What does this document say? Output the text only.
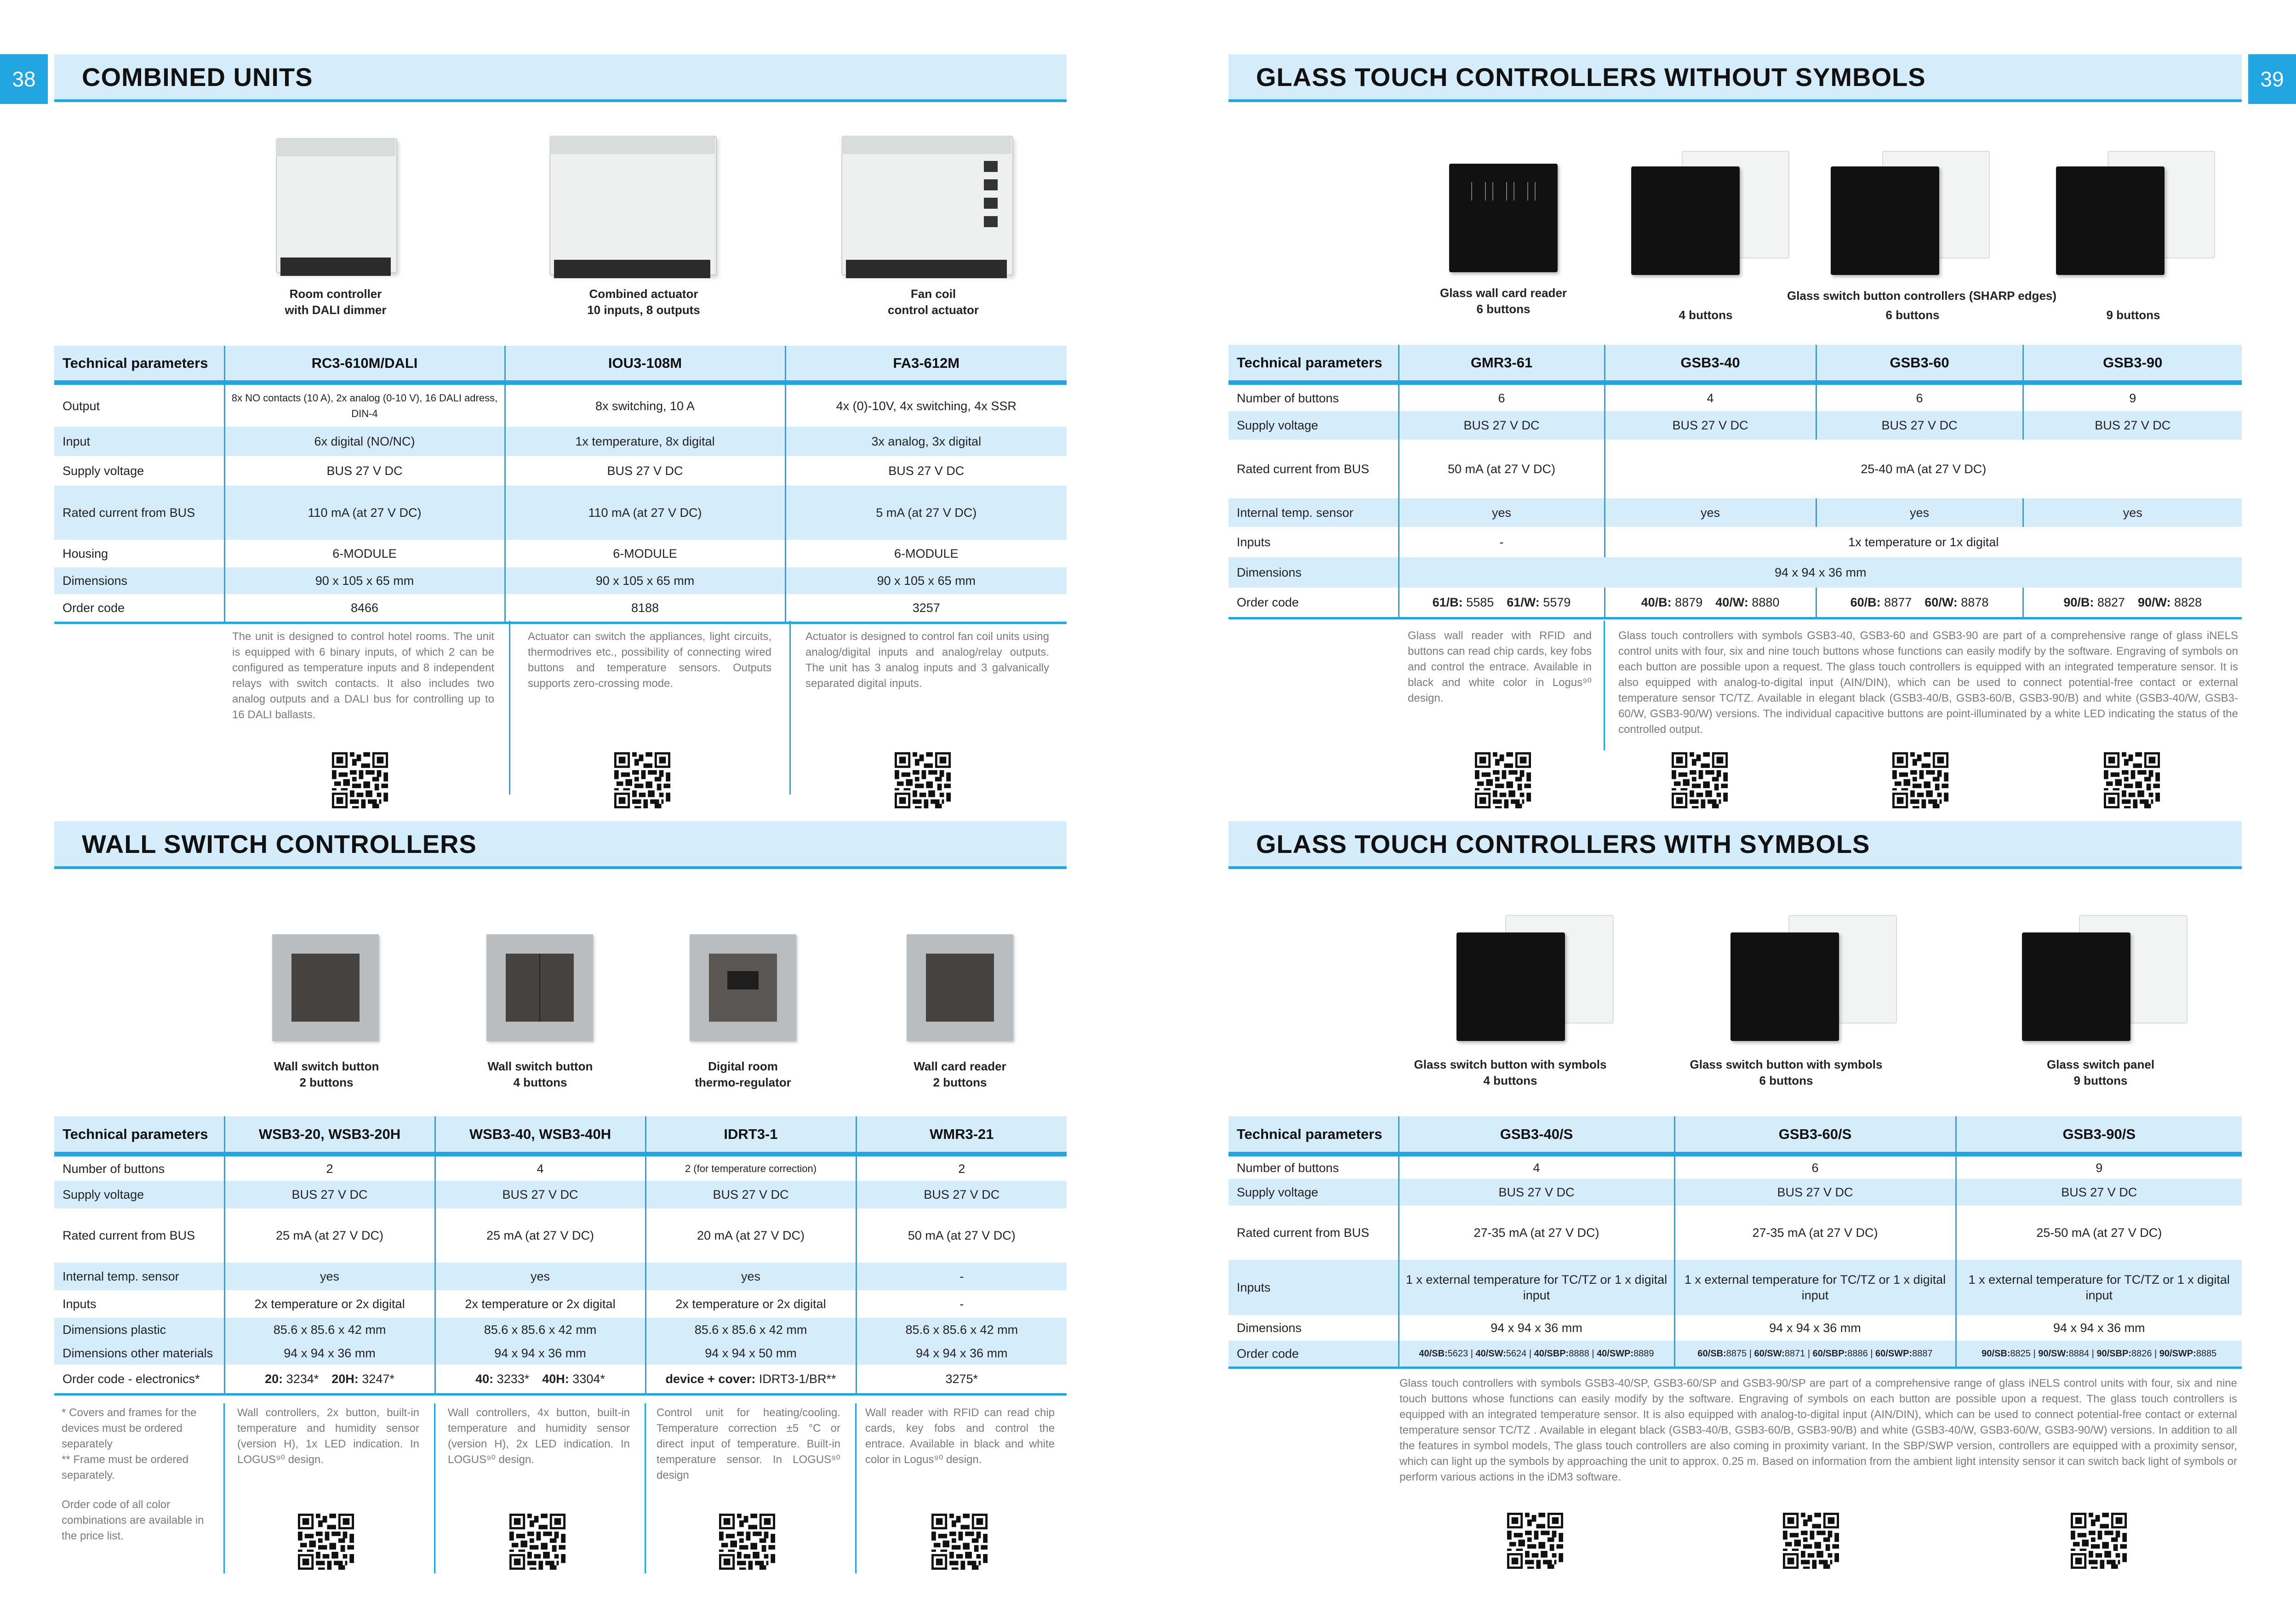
38	39
COMBINED UNITS
Room controller
with DALI dimmer
Combined actuator
10 inputs, 8 outputs
Fan coil
control actuator
Technical parameters	RC3-610M/DALI	IOU3-108M	FA3-612M
Output	8x NO contacts (10 A), 2x analog (0-10 V), 16 DALI adress, DIN-4	8x switching, 10 A	4x (0)-10V, 4x switching, 4x SSR
Input	6x digital (NO/NC)	1x temperature, 8x digital	3x analog, 3x digital
Supply voltage	BUS 27 V DC	BUS 27 V DC	BUS 27 V DC
Rated current from BUS	110 mA (at 27 V DC)	110 mA (at 27 V DC)	5 mA (at 27 V DC)
Housing	6-MODULE	6-MODULE	6-MODULE
Dimensions	90 x 105 x 65 mm	90 x 105 x 65 mm	90 x 105 x 65 mm
Order code	8466	8188	3257
The unit is designed to control hotel rooms. The unit is equipped with 6 binary inputs, of which 2 can be configured as temperature inputs and 8 independent relays with switch contacts. It also includes two analog outputs and a DALI bus for controlling up to 16 DALI ballasts.
Actuator can switch the appliances, light circuits, thermodrives etc., possibility of connecting wired buttons and temperature sensors. Outputs supports zero-crossing mode.
Actuator is designed to control fan coil units using analog/digital inputs and analog/relay outputs. The unit has 3 analog inputs and 3 galvanically separated digital inputs.
WALL SWITCH CONTROLLERS
Wall switch button
2 buttons
Wall switch button
4 buttons
Digital room
thermo-regulator
Wall card reader
2 buttons
Technical parameters	WSB3-20, WSB3-20H	WSB3-40, WSB3-40H	IDRT3-1	WMR3-21
Number of buttons	2	4	2 (for temperature correction)	2
Supply voltage	BUS 27 V DC	BUS 27 V DC	BUS 27 V DC	BUS 27 V DC
Rated current from BUS	25 mA (at 27 V DC)	25 mA (at 27 V DC)	20 mA (at 27 V DC)	50 mA (at 27 V DC)
Internal temp. sensor	yes	yes	yes	-
Inputs	2x temperature or 2x digital	2x temperature or 2x digital	2x temperature or 2x digital	-
Dimensions plastic	85.6 x 85.6 x 42 mm	85.6 x 85.6 x 42 mm	85.6 x 85.6 x 42 mm	85.6 x 85.6 x 42 mm
Dimensions other materials	94 x 94 x 36 mm	94 x 94 x 36 mm	94 x 94 x 50 mm	94 x 94 x 36 mm
Order code - electronics*	20: 3234* 20H: 3247*	40: 3233* 40H: 3304*	device + cover: IDRT3-1/BR**	3275*
* Covers and frames for the devices must be ordered separately
** Frame must be ordered separately.
Order code of all color combinations are available in the price list.
Wall controllers, 2x button, built-in temperature and humidity sensor (version H), 1x LED indication. In LOGUS⁹⁰ design.
Wall controllers, 4x button, built-in temperature and humidity sensor (version H), 2x LED indication. In LOGUS⁹⁰ design.
Control unit for heating/cooling. Temperature correction ±5 °C or direct input of temperature. Built-in temperature sensor. In LOGUS⁹⁰ design
Wall reader with RFID can read chip cards, key fobs and control the entrace. Available in black and white color in Logus⁹⁰ design.
GLASS TOUCH CONTROLLERS WITHOUT SYMBOLS
Glass wall card reader
6 buttons
Glass switch button controllers (SHARP edges)
4 buttons	6 buttons	9 buttons
Technical parameters	GMR3-61	GSB3-40	GSB3-60	GSB3-90
Number of buttons	6	4	6	9
Supply voltage	BUS 27 V DC	BUS 27 V DC	BUS 27 V DC	BUS 27 V DC
Rated current from BUS	50 mA (at 27 V DC)	25-40 mA (at 27 V DC)		
Internal temp. sensor	yes	yes	yes	yes
Inputs	-	1x temperature or 1x digital		
Dimensions	94 x 94 x 36 mm			
Order code	61/B: 5585 61/W: 5579	40/B: 8879 40/W: 8880	60/B: 8877 60/W: 8878	90/B: 8827 90/W: 8828
Glass wall reader with RFID and buttons can read chip cards, key fobs and control the entrace. Available in black and white color in Logus⁹⁰ design.
Glass touch controllers with symbols GSB3-40, GSB3-60 and GSB3-90 are part of a comprehensive range of glass iNELS control units with four, six and nine touch buttons whose functions can easily modify by the software. Engraving of symbols on each button are possible upon a request. The glass touch controllers is equipped with an integrated temperature sensor. It is also equipped with analog-to-digital input (AIN/DIN), which can be used to connect potential-free contact or external temperature sensor TC/TZ. Available in elegant black (GSB3-40/B, GSB3-60/B, GSB3-90/B) and white (GSB3-40/W, GSB3-60/W, GSB3-90/W) versions. The individual capacitive buttons are point-illuminated by a white LED indicating the status of the controlled output.
GLASS TOUCH CONTROLLERS WITH SYMBOLS
Glass switch button with symbols
4 buttons
Glass switch button with symbols
6 buttons
Glass switch panel
9 buttons
Technical parameters	GSB3-40/S	GSB3-60/S	GSB3-90/S
Number of buttons	4	6	9
Supply voltage	BUS 27 V DC	BUS 27 V DC	BUS 27 V DC
Rated current from BUS	27-35 mA (at 27 V DC)	27-35 mA (at 27 V DC)	25-50 mA (at 27 V DC)
Inputs	1 x external temperature for TC/TZ or 1 x digital input	1 x external temperature for TC/TZ or 1 x digital input	1 x external temperature for TC/TZ or 1 x digital input
Dimensions	94 x 94 x 36 mm	94 x 94 x 36 mm	94 x 94 x 36 mm
Order code	40/SB:5623 | 40/SW:5624 | 40/SBP:8888 | 40/SWP:8889	60/SB:8875 | 60/SW:8871 | 60/SBP:8886 | 60/SWP:8887	90/SB:8825 | 90/SW:8884 | 90/SBP:8826 | 90/SWP:8885
Glass touch controllers with symbols GSB3-40/SP, GSB3-60/SP and GSB3-90/SP are part of a comprehensive range of glass iNELS control units with four, six and nine touch buttons whose functions can easily modify by the software. Engraving of symbols on each button are possible upon a request. The glass touch controllers is equipped with an integrated temperature sensor. It is also equipped with analog-to-digital input (AIN/DIN), which can be used to connect potential-free contact or external temperature sensor TC/TZ . Available in elegant black (GSB3-40/B, GSB3-60/B, GSB3-90/B) and white (GSB3-40/W, GSB3-60/W, GSB3-90/W) versions. In addition to all the features in symbol models, The glass touch controllers are also coming in proximity variant. In the SBP/SWP version, controllers are equipped with a proximity sensor, which can light up the symbols by approaching the unit to approx. 0.25 m. Based on information from the ambient light intensity sensor it can switch back light of symbols or perform various actions in the iDM3 software.
